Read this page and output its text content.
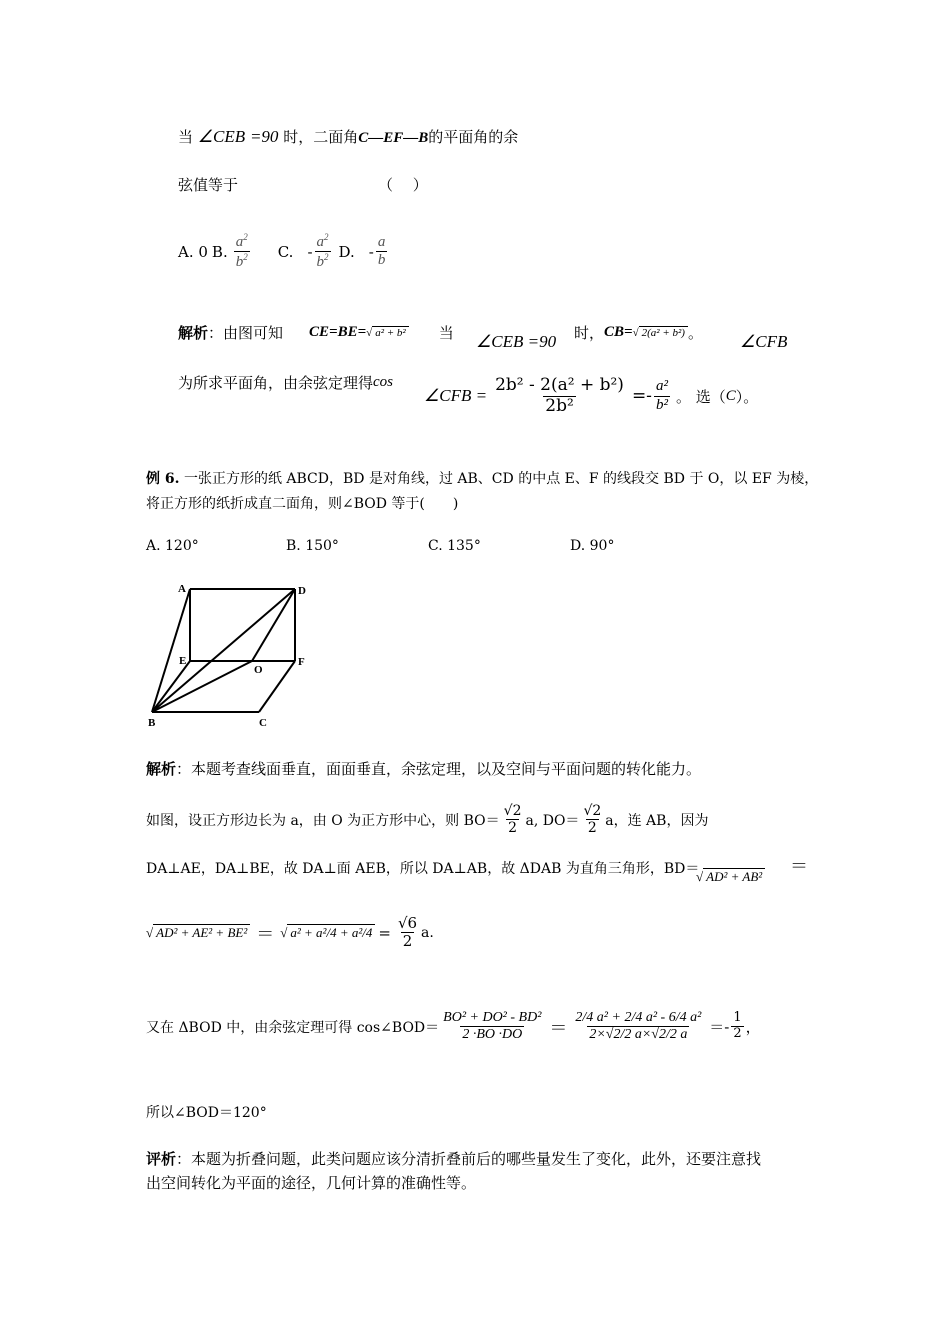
当 ∠CEB =90 时，二面角C—EF—B的平面角的余
弦值等于	（　 ）
A. 0 B. $\frac{a^2}{b^2} C$. - $\frac{a^2}{b^2} D$. - $\frac{a}{b}$
解析 ：由图可知 CE=BE= √ a² + b² 当 ∠CEB =90 时， CB= √ 2(a² + b²) 。 ∠CFB
为所求平面角，由余弦定理得 cos
∠CFB = $\frac{\text{2b² - 2(a² + b²)}}{\text{2b²}} =- \frac{\text{a²}}{\text{b²}}$ 。 选（ C ）。
例 6. 一张正方形的纸 ABCD，BD 是对角线，过 AB、CD 的中点 E、F 的线段交 BD 于 O，以 EF 为棱，
将正方形的纸折成直二面角，则∠BOD 等于(　　)
A. 120°	B. 150°	C. 135°	D. 90°
A	D
E
O
F
B	C
解析：本题考查线面垂直，面面垂直，余弦定理，以及空间与平面问题的转化能力。
如图，设正方形边长为 a，由 O 为正方形中心，则 $BO= \frac{√2}{2} a$, $DO= \frac{√2}{2}$ a，连 AB，因为
DA⊥AE，DA⊥BE，故 DA⊥面 AEB，所以 DA⊥AB，故 ΔDAB 为直角三角形，BD＝
√ AD² + AB² ＝
√ AD² + AE² + BE² ＝ √ $a^2 + a^2/4 + a^2/4 = \frac{√6}{2} a$.
又在 ΔBOD 中，由余弦定理可得 cos∠BOD＝ $\frac{\text{BO² + DO² - BD²}}{2 \cdot BO \cdot DO} = \frac{\text{2/4 a² + 2/4 a² - 6/4 a²}}{2\times√2/2 a\times√2/2 a} =- \frac{1}{2}$ ，
所以∠BOD＝120°
评析：本题为折叠问题，此类问题应该分清折叠前后的哪些量发生了变化，此外，还要注意找
出空间转化为平面的途径，几何计算的准确性等。
